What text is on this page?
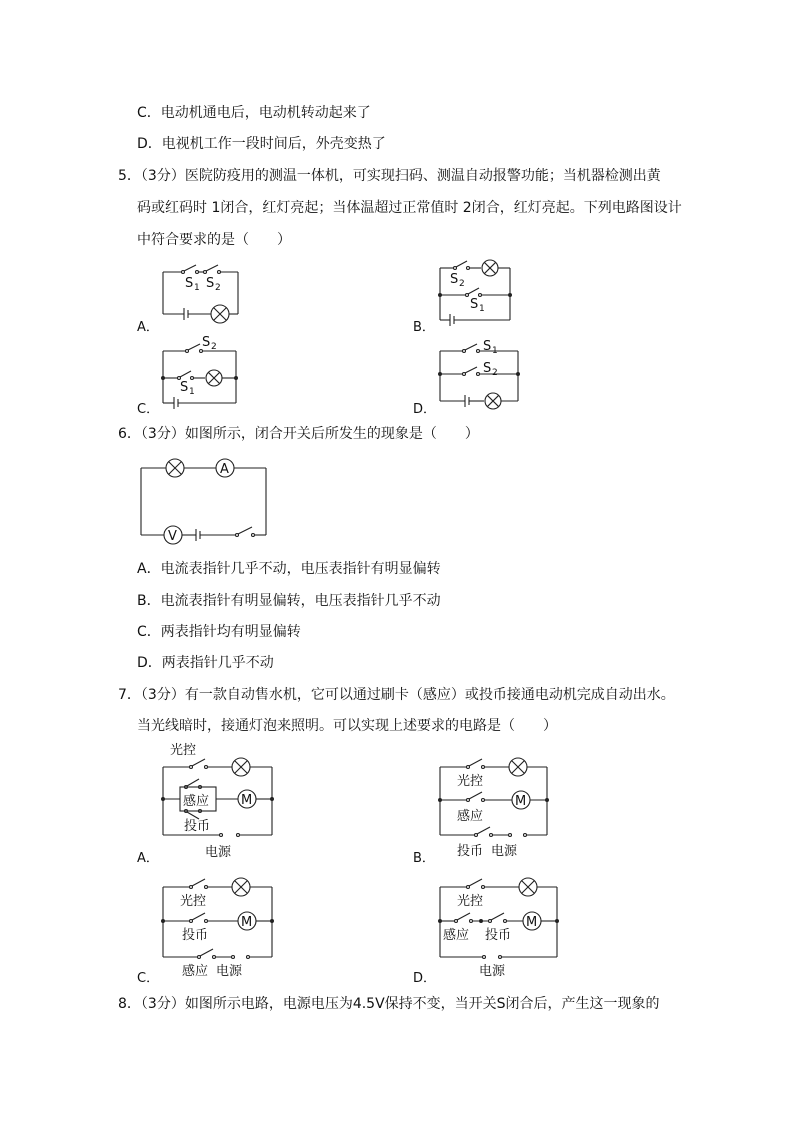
C．电动机通电后，电动机转动起来了
D．电视机工作一段时间后，外壳变热了
5．（3分）医院防疫用的测温一体机，可实现扫码、测温自动报警功能；当机器检测出黄
码或红码时 1闭合，红灯亮起；当体温超过正常值时 2闭合，红灯亮起。下列电路图设计
中符合要求的是（　　）
A．
S 1 S 2
B．
S 2
S 1
C．
S 2
S 1
D．
S 1
S 2
6．（3分）如图所示，闭合开关后所发生的现象是（　　）
A
V
A．电流表指针几乎不动，电压表指针有明显偏转
B．电流表指针有明显偏转，电压表指针几乎不动
C．两表指针均有明显偏转
D．两表指针几乎不动
7．（3分）有一款自动售水机，它可以通过刷卡（感应）或投币接通电动机完成自动出水。
当光线暗时，接通灯泡来照明。可以实现上述要求的电路是（　　）
A．
光控
感应 M
投币
电源	B．
光控
M
感应
投币 电源
C．
光控
M
投币
感应 电源	D．
光控
M
感应 投币
电源
8．（3分）如图所示电路，电源电压为4.5V保持不变，当开关S闭合后，产生这一现象的
